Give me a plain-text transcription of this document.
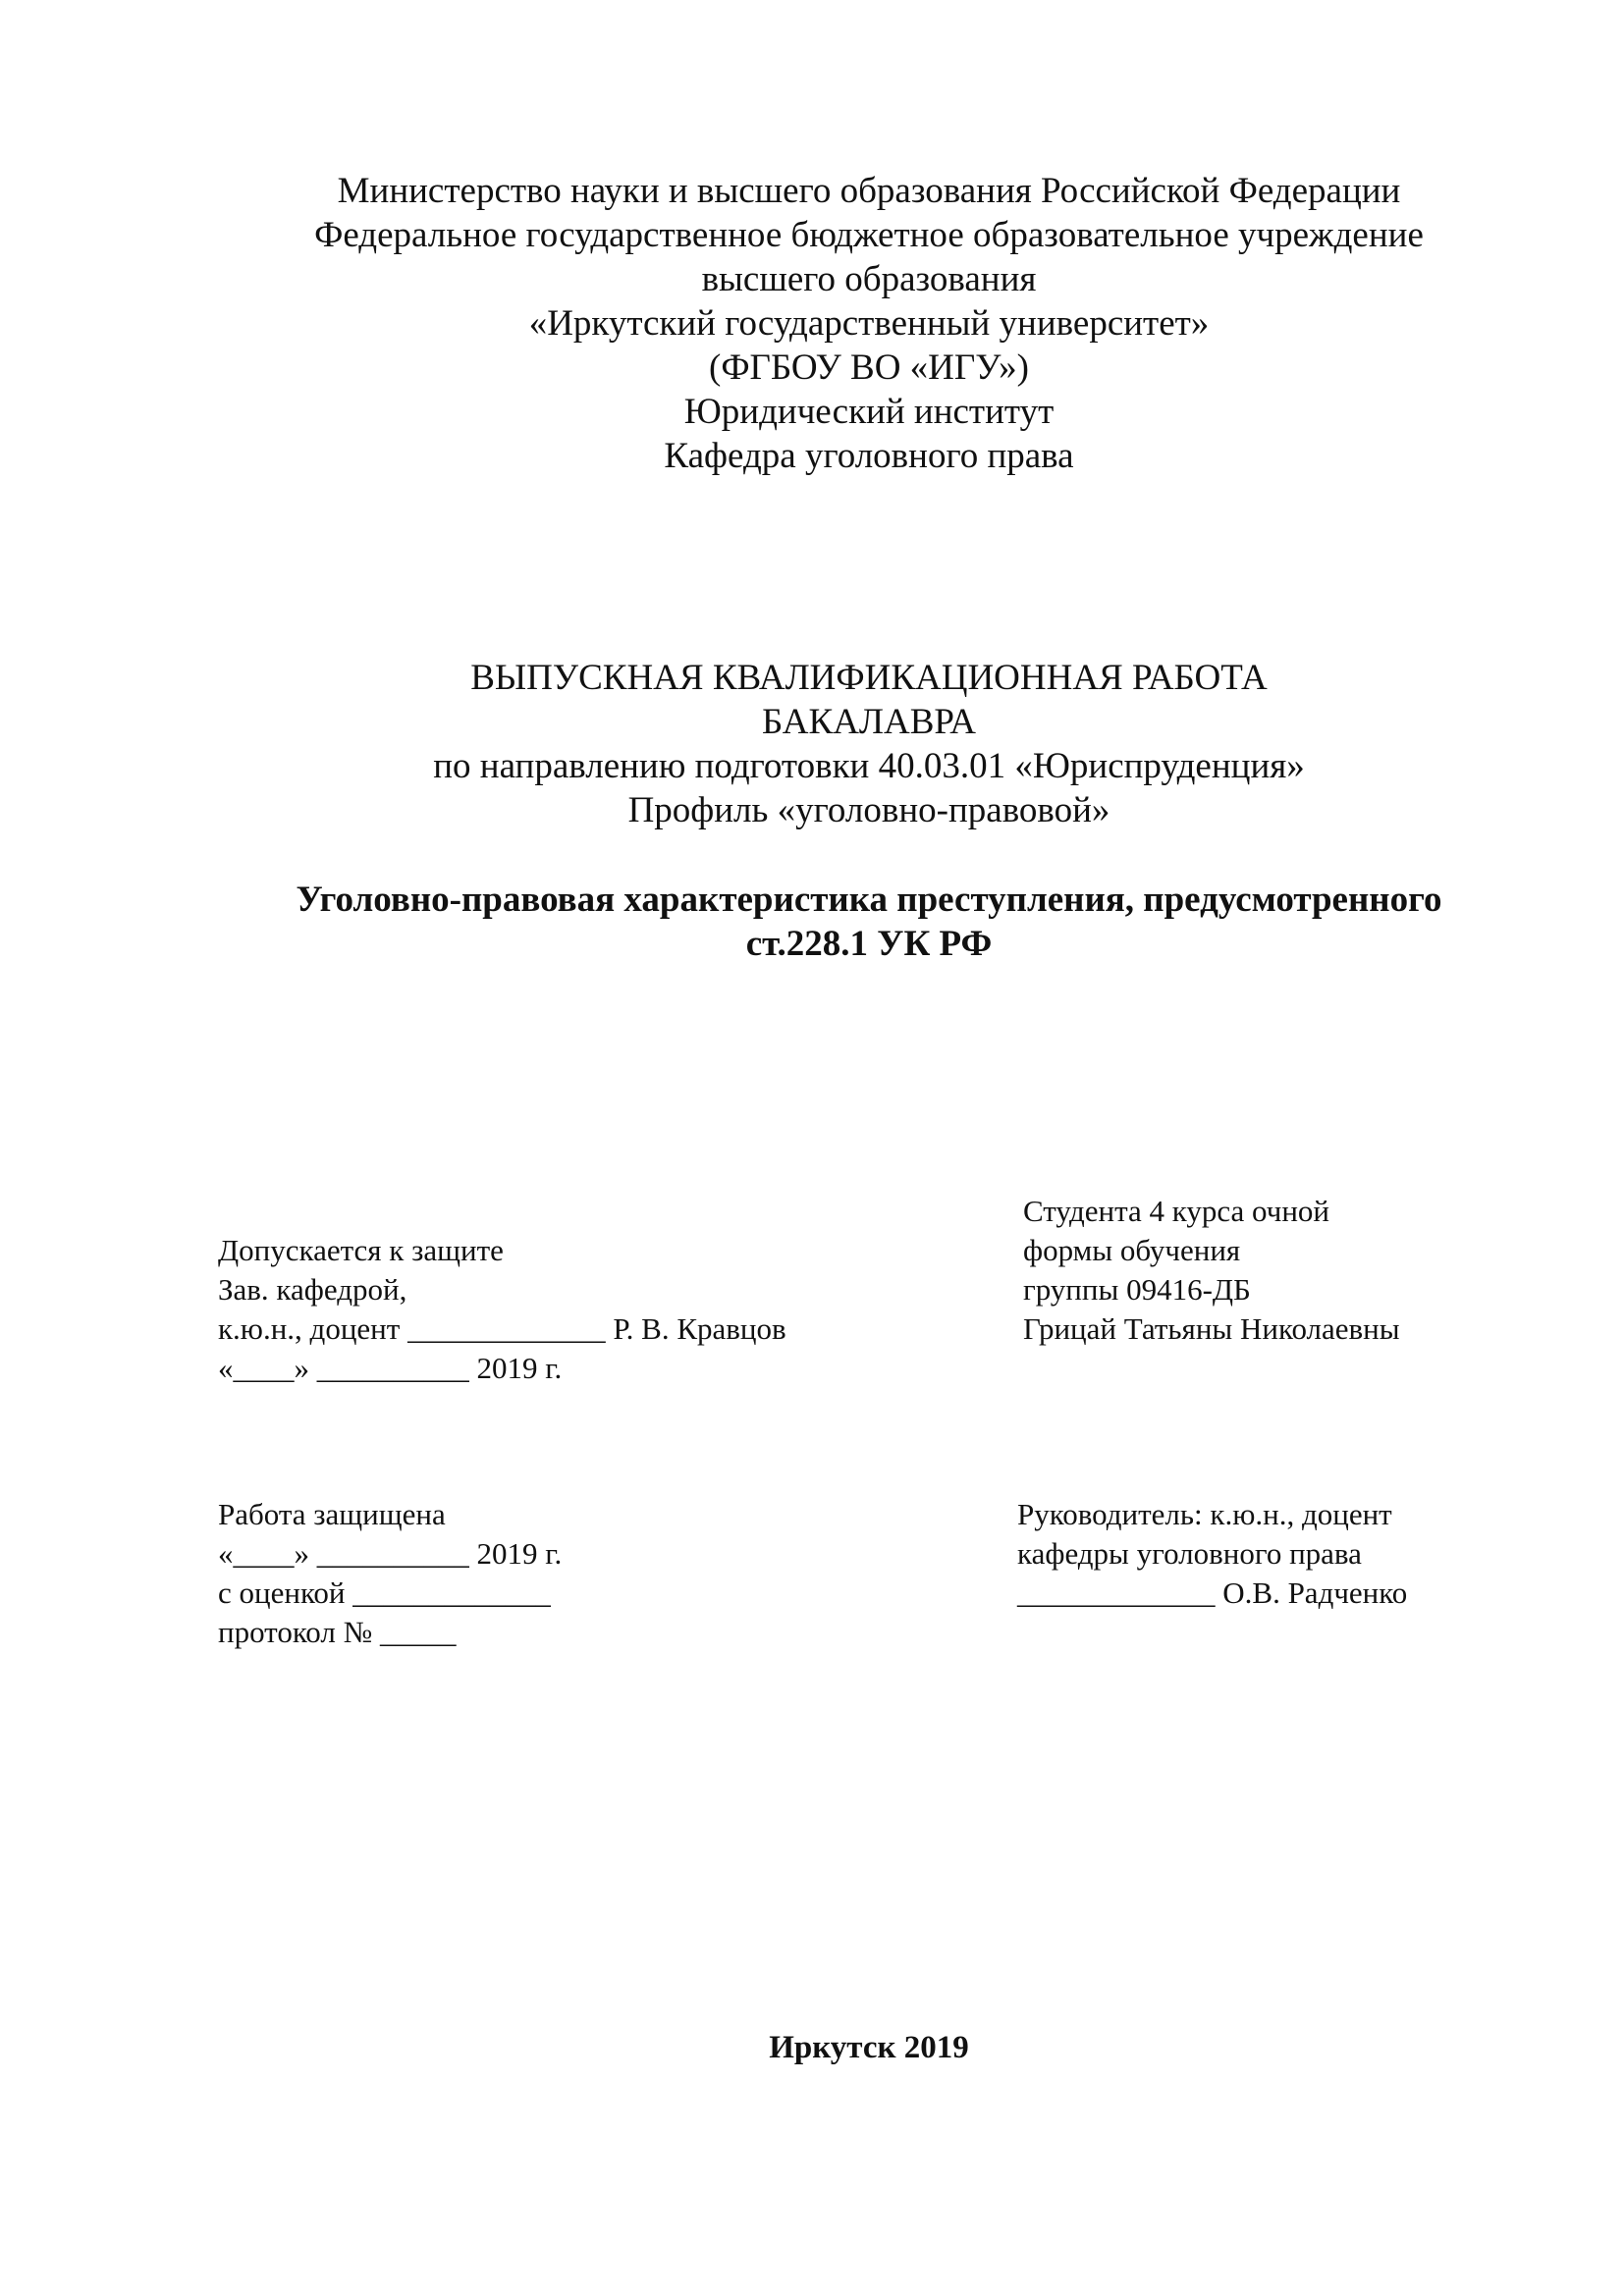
Министерство науки и высшего образования Российской Федерации
Федеральное государственное бюджетное образовательное учреждение
высшего образования
«Иркутский государственный университет»
(ФГБОУ ВО «ИГУ»)
Юридический институт
Кафедра уголовного права
ВЫПУСКНАЯ КВАЛИФИКАЦИОННАЯ РАБОТА
БАКАЛАВРА
по направлению подготовки 40.03.01 «Юриспруденция»
Профиль «уголовно-правовой»
Уголовно-правовая характеристика преступления, предусмотренного
ст.228.1 УК РФ
Допускается к защите
Зав. кафедрой,
к.ю.н., доцент _____________ Р. В. Кравцов
«____» __________ 2019 г.
Студента 4 курса очной
формы обучения
группы 09416-ДБ
Грицай Татьяны Николаевны
Работа защищена
«____» __________ 2019 г.
с оценкой _____________
протокол № _____
Руководитель: к.ю.н., доцент
кафедры уголовного права
_____________ О.В. Радченко
Иркутск 2019
